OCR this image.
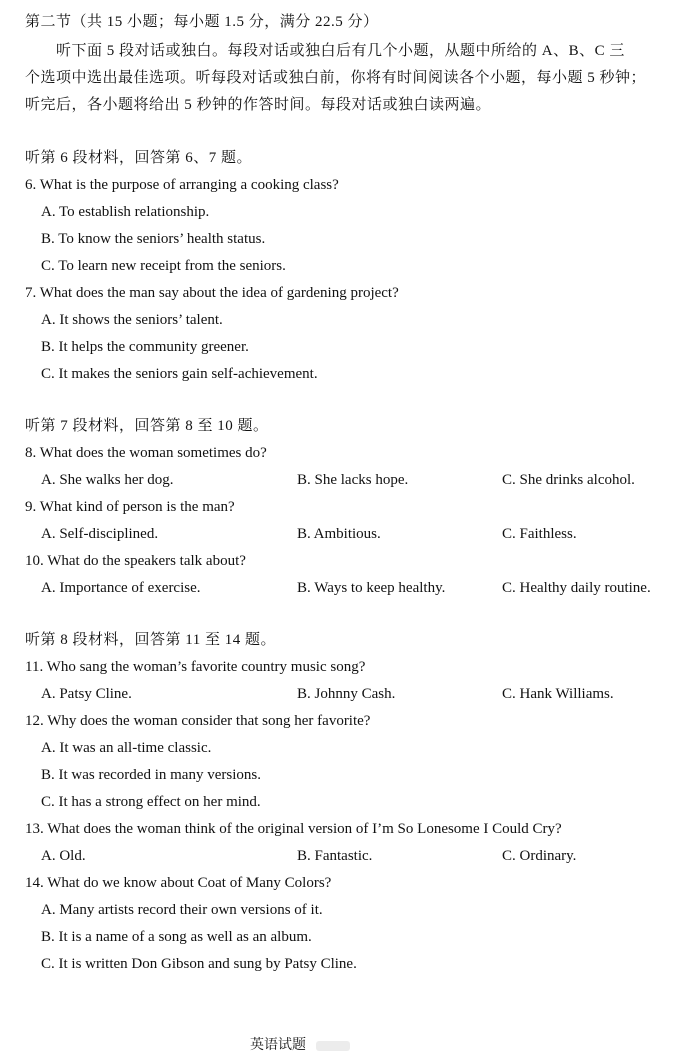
第二节（共 15 小题；每小题 1.5 分，满分 22.5 分）

　　听下面 5 段对话或独白。每段对话或独白后有几个小题，从题中所给的 A、B、C 三

个选项中选出最佳选项。听每段对话或独白前，你将有时间阅读各个小题，每小题 5 秒钟；

听完后，各小题将给出 5 秒钟的作答时间。每段对话或独白读两遍。

听第 6 段材料，回答第 6、7 题。
6. What is the purpose of arranging a cooking class?
A. To establish relationship.
B. To know the seniors’ health status.
C. To learn new receipt from the seniors.
7. What does the man say about the idea of gardening project?
A. It shows the seniors’ talent.
B. It helps the community greener.
C. It makes the seniors gain self-achievement.
听第 7 段材料，回答第 8 至 10 题。
8. What does the woman sometimes do?
A. She walks her dog.	B. She lacks hope.	C. She drinks alcohol.
9. What kind of person is the man?
A. Self-disciplined.	B. Ambitious.	C. Faithless.
10. What do the speakers talk about?
A. Importance of exercise.	B. Ways to keep healthy.	C. Healthy daily routine.
听第 8 段材料，回答第 11 至 14 题。
11. Who sang the woman’s favorite country music song?
A. Patsy Cline.	B. Johnny Cash.	C. Hank Williams.
12. Why does the woman consider that song her favorite?
A. It was an all-time classic.
B. It was recorded in many versions.
C. It has a strong effect on her mind.
13. What does the woman think of the original version of I’m So Lonesome I Could Cry?
A. Old.	B. Fantastic.	C. Ordinary.
14. What do we know about Coat of Many Colors?
A. Many artists record their own versions of it.
B. It is a name of a song as well as an album.
C. It is written Don Gibson and sung by Patsy Cline.
英语试题
